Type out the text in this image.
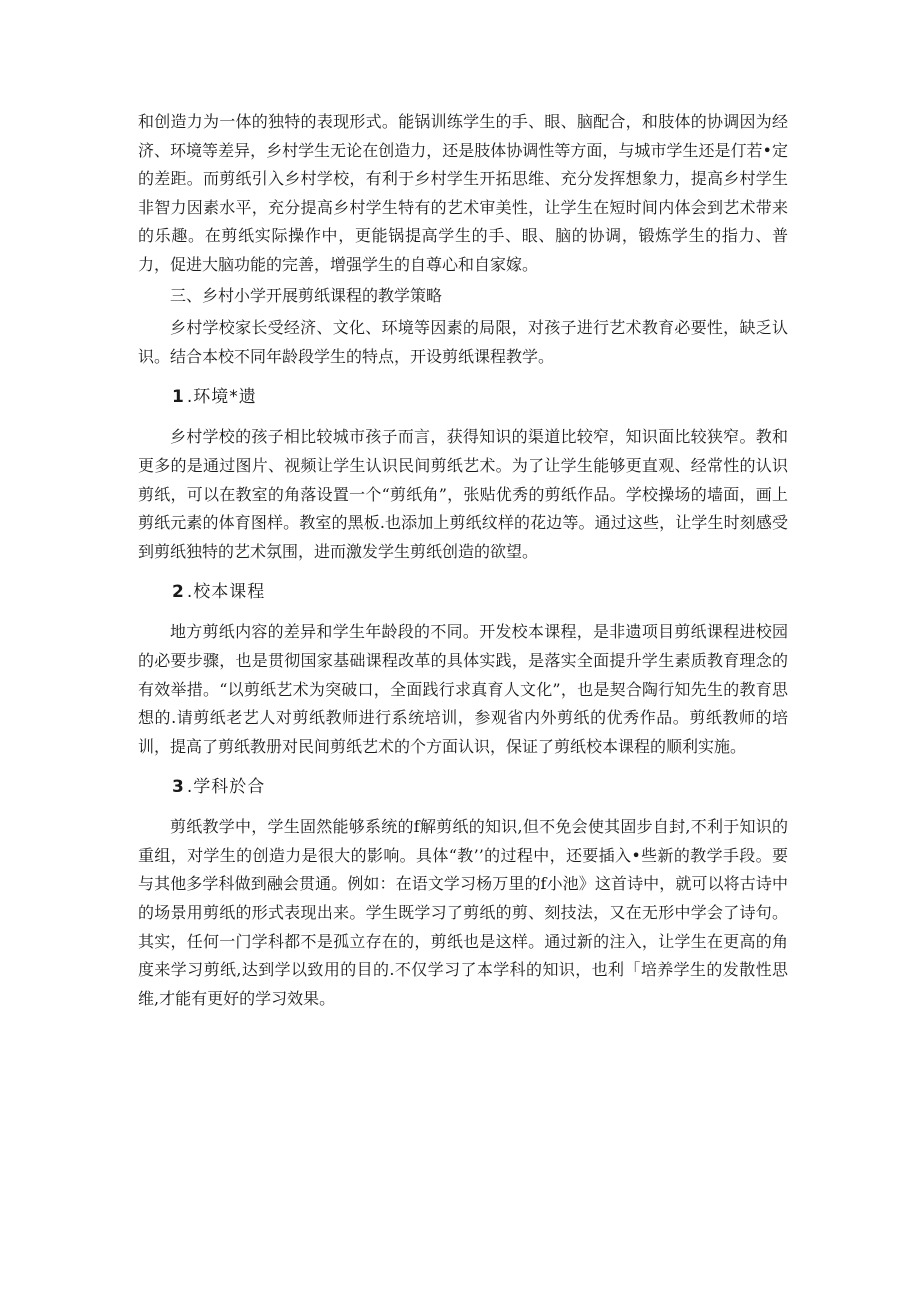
和创造力为一体的独特的表现形式。能锅训练学生的手、眼、脑配合，和肢体的协调因为经济、环境等差异，乡村学生无论在创造力，还是肢体协调性等方面，与城市学生还是仃若•定的差距。而剪纸引入乡村学校，有利于乡村学生开拓思维、充分发挥想象力，提高乡村学生非智力因素水平，充分提高乡村学生特有的艺术审美性，让学生在短时间内体会到艺术带来的乐趣。在剪纸实际操作中，更能锅提高学生的手、眼、脑的协调，锻炼学生的指力、普力，促进大脑功能的完善，增强学生的自尊心和自家嫁。

三、乡村小学开展剪纸课程的教学策略

乡村学校家长受经济、文化、环境等因素的局限，对孩子进行艺术教育必要性，缺乏认识。结合本校不同年龄段学生的特点，开设剪纸课程教学。

1 .环境*遗

乡村学校的孩子相比较城市孩子而言，获得知识的渠道比较窄，知识面比较狭窄。教和更多的是通过图片、视频让学生认识民间剪纸艺术。为了让学生能够更直观、经常性的认识剪纸，可以在教室的角落设置一个“剪纸角”，张贴优秀的剪纸作品。学校操场的墙面，画上剪纸元素的体育图样。教室的黑板.也添加上剪纸纹样的花边等。通过这些，让学生时刻感受到剪纸独特的艺术氛围，进而激发学生剪纸创造的欲望。

2 .校本课程

地方剪纸内容的差异和学生年龄段的不同。开发校本课程，是非遗项目剪纸课程进校园的必要步骤，也是贯彻国家基础课程改革的具体实践，是落实全面提升学生素质教育理念的有效举措。“以剪纸艺术为突破口，全面践行求真育人文化”，也是契合陶行知先生的教育思想的.请剪纸老艺人对剪纸教师进行系统培训，参观省内外剪纸的优秀作品。剪纸教师的培训，提高了剪纸教册对民间剪纸艺术的个方面认识，保证了剪纸校本课程的顺利实施。

3 .学科於合

剪纸教学中，学生固然能够系统的f解剪纸的知识,但不免会使其固步自封,不利于知识的重组，对学生的创造力是很大的影响。具体“教’’的过程中，还要插入•些新的教学手段。要与其他多学科做到融会贯通。例如：在语文学习杨万里的f小池》这首诗中，就可以将古诗中的场景用剪纸的形式表现出来。学生既学习了剪纸的剪、刻技法，又在无形中学会了诗句。其实，任何一门学科都不是孤立存在的，剪纸也是这样。通过新的注入，让学生在更高的角度来学习剪纸,达到学以致用的目的.不仅学习了本学科的知识，也利「培养学生的发散性思维,才能有更好的学习效果。
